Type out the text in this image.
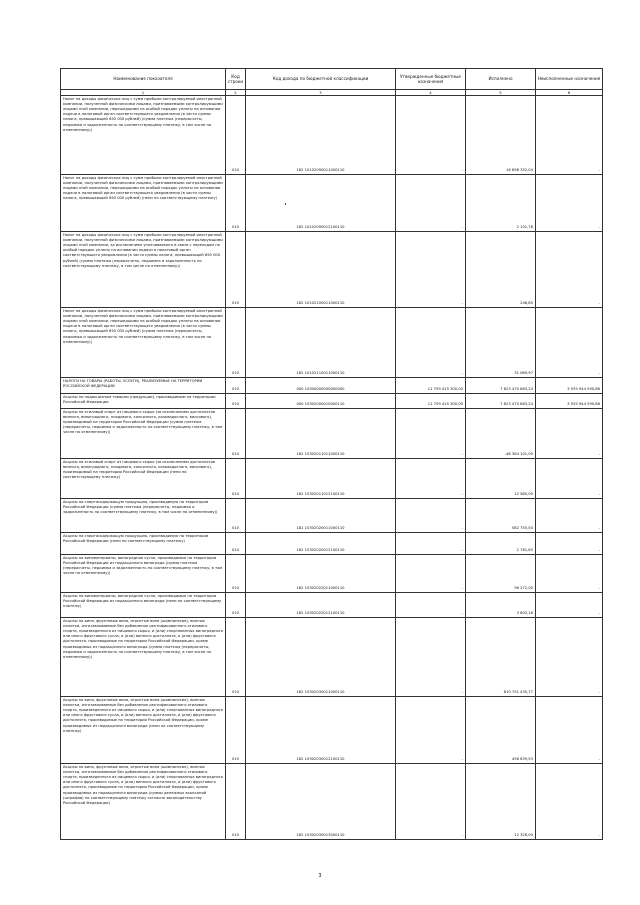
Наименование показателя	Код строки	Код дохода по бюджетной классификации	Утвержденные бюджетные назначения	Исполнено	Неисполненные назначения
1	2	3	4	5	6
Налог на доходы физических лиц с сумм прибыли контролируемой иностранной компании, полученной физическими лицами, признаваемыми контролирующими лицами этой компании, перешедшими на особый порядок уплаты на основании подачи в налоговый орган соответствующего уведомления (в части суммы налога, превышающей 650 000 рублей) (сумма платежа (перерасчеты, недоимка и задолженность по соответствующему платежу, в том числе по отмененному))	010	182 10102090011000110	-	16 898 332,04	-
Налог на доходы физических лиц с сумм прибыли контролируемой иностранной компании, полученной физическими лицами, признаваемыми контролирующими лицами этой компании, перешедшими на особый порядок уплаты на основании подачи в налоговый орган соответствующего уведомления (в части суммы налога, превышающей 650 000 рублей) (пени по соответствующему платежу)	010	182 10102090012100110	-	2 101,78	-
Налог на доходы физических лиц с сумм прибыли контролируемой иностранной компании, полученной физическими лицами, признаваемыми контролирующими лицами этой компании, за исключением уплачиваемого в связи с переходом на особый порядок уплаты на основании подачи в налоговый орган соответствующего уведомления (в части суммы налога, превышающей 650 000 рублей) (сумма платежа (перерасчеты, недоимка и задолженность по соответствующему платежу, в том числе по отмененному))	010	182 10102100011000110	-	246,85	-
Налог на доходы физических лиц с сумм прибыли контролируемой иностранной компании, полученной физическими лицами, признаваемыми контролирующими лицами этой компании, перешедшими на особый порядок уплаты на основании подачи в налоговый орган соответствующего уведомления (в части суммы налога, превышающей 650 000 рублей) (сумма платежа (перерасчеты, недоимка и задолженность по соответствующему платежу, в том числе по отмененному))	010	182 10102110011000110	-	31 069,97	-
НАЛОГИ НА ТОВАРЫ (РАБОТЫ, УСЛУГИ), РЕАЛИЗУЕМЫЕ НА ТЕРРИТОРИИ РОССИЙСКОЙ ФЕДЕРАЦИИ	010	000 10300000000000000	11 759 415 300,00	7 823 470 863,24	3 935 944 590,86
Акцизы по подакцизным товарам (продукции), производимым на территории Российской Федерации	010	000 10302000010000110	11 759 415 300,00	7 823 470 863,24	3 935 944 590,86
Акцизы на этиловый спирт из пищевого сырья (за исключением дистиллятов винного, виноградного, плодового, коньячного, кальвадосного, вискового), производимый на территории Российской Федерации (сумма платежа (перерасчеты, недоимка и задолженность по соответствующему платежу, в том числе по отмененному))	010	182 10302011011000110	-	-46 384 101,00	-
Акцизы на этиловый спирт из пищевого сырья (за исключением дистиллятов винного, виноградного, плодового, коньячного, кальвадосного, вискового), производимый на территории Российской Федерации (пени по соответствующему платежу)	010	182 10302011012100110	-	12 580,00	-
Акцизы на спиртосодержащую продукцию, производимую на территории Российской Федерации (сумма платежа (перерасчеты, недоимка и задолженность по соответствующему платежу, в том числе по отмененному))	010	182 10302020011000110	-	582 755,50	-
Акцизы на спиртосодержащую продукцию, производимую на территории Российской Федерации (пени по соответствующему платежу)	010	182 10302020012100110	-	2 761,63	-
Акцизы на виноматериалы, виноградное сусло, производимые на территории Российской Федерации из подакцизного винограда (сумма платежа (перерасчеты, недоимка и задолженность по соответствующему платежу, в том числе по отмененному))	010	182 10302022011000110	-	96 272,00	-
Акцизы на виноматериалы, виноградное сусло, производимые на территории Российской Федерации из подакцизного винограда (пени по соответствующему платежу)	010	182 10302022012100110	-	3 603,16	-
Акцизы на вина, фруктовые вина, игристые вина (шампанские), винные напитки, изготавливаемые без добавления ректификованного этилового спирта, произведенного из пищевого сырья, и (или) спиртованных виноградного или иного фруктового сусла, и (или) винного дистиллята, и (или) фруктового дистиллята, производимые на территории Российской Федерации, кроме производимых из подакцизного винограда (сумма платежа (перерасчеты, недоимка и задолженность по соответствующему платежу, в том числе по отмененному))	010	182 10302030011000110	-	810 751 435,77	-
Акцизы на вина, фруктовые вина, игристые вина (шампанские), винные напитки, изготавливаемые без добавления ректификованного этилового спирта, произведенного из пищевого сырья, и (или) спиртованных виноградного или иного фруктового сусла, и (или) винного дистиллята, и (или) фруктового дистиллята, производимые на территории Российской Федерации, кроме производимых из подакцизного винограда (пени по соответствующему платежу)	010	182 10302030012100110	-	456 639,53	-
Акцизы на вина, фруктовые вина, игристые вина (шампанские), винные напитки, изготавливаемые без добавления ректификованного этилового спирта, произведенного из пищевого сырья, и (или) спиртованных виноградного или иного фруктового сусла, и (или) винного дистиллята, и (или) фруктового дистиллята, производимые на территории Российской Федерации, кроме производимых из подакцизного винограда (суммы денежных взысканий (штрафов) по соответствующему платежу согласно законодательству Российской Федерации)	010	182 10302030013000110	-	12 326,00	-
3
